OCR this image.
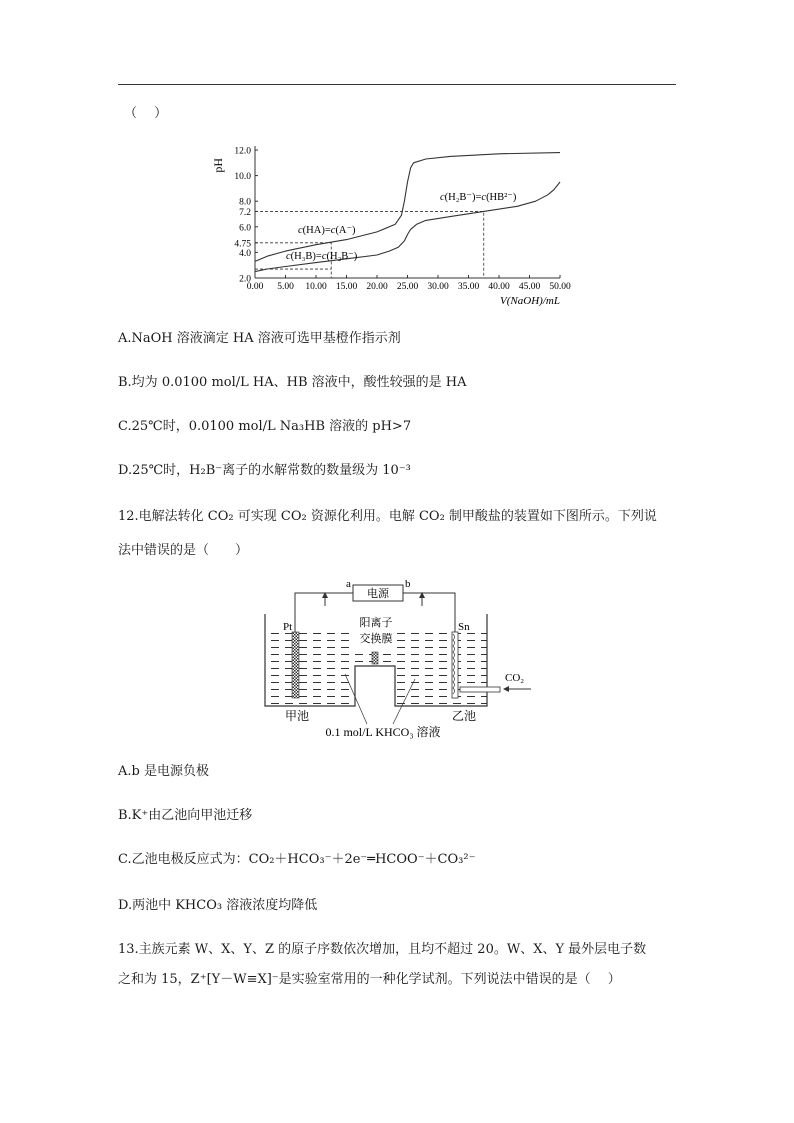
（　 ）
0.00 5.00 10.00 15.00 20.00 25.00 30.00 35.00 40.00 45.00 50.00
2.0
4.0
4.75
6.0
7.2
8.0
10.0
12.0
pH
V(NaOH)/mL
c(H₂B⁻)=c(HB²⁻)
c(HA)=c(A⁻)
c(H₃B)=c(H₂B⁻)
A.NaOH 溶液滴定 HA 溶液可选甲基橙作指示剂
B.均为 0.0100 mol/L HA、HB 溶液中，酸性较强的是 HA
C.25℃时，0.0100 mol/L Na₃HB 溶液的 pH>7
D.25℃时，H₂B⁻离子的水解常数的数量级为 10⁻³
12.电解法转化 CO₂ 可实现 CO₂ 资源化利用。电解 CO₂ 制甲酸盐的装置如下图所示。下列说
法中错误的是（　　）
电源
a	b
阳离子
交换膜
Pt	Sn
CO₂
甲池	乙池
0.1 mol/L KHCO₃ 溶液
A.b 是电源负极
B.K⁺由乙池向甲池迁移
C.乙池电极反应式为：CO₂＋HCO₃⁻＋2e⁻═HCOO⁻＋CO₃²⁻
D.两池中 KHCO₃ 溶液浓度均降低
13.主族元素 W、X、Y、Z 的原子序数依次增加，且均不超过 20。W、X、Y 最外层电子数
之和为 15，Z⁺[Y－W≡X]⁻是实验室常用的一种化学试剂。下列说法中错误的是（　 ）
